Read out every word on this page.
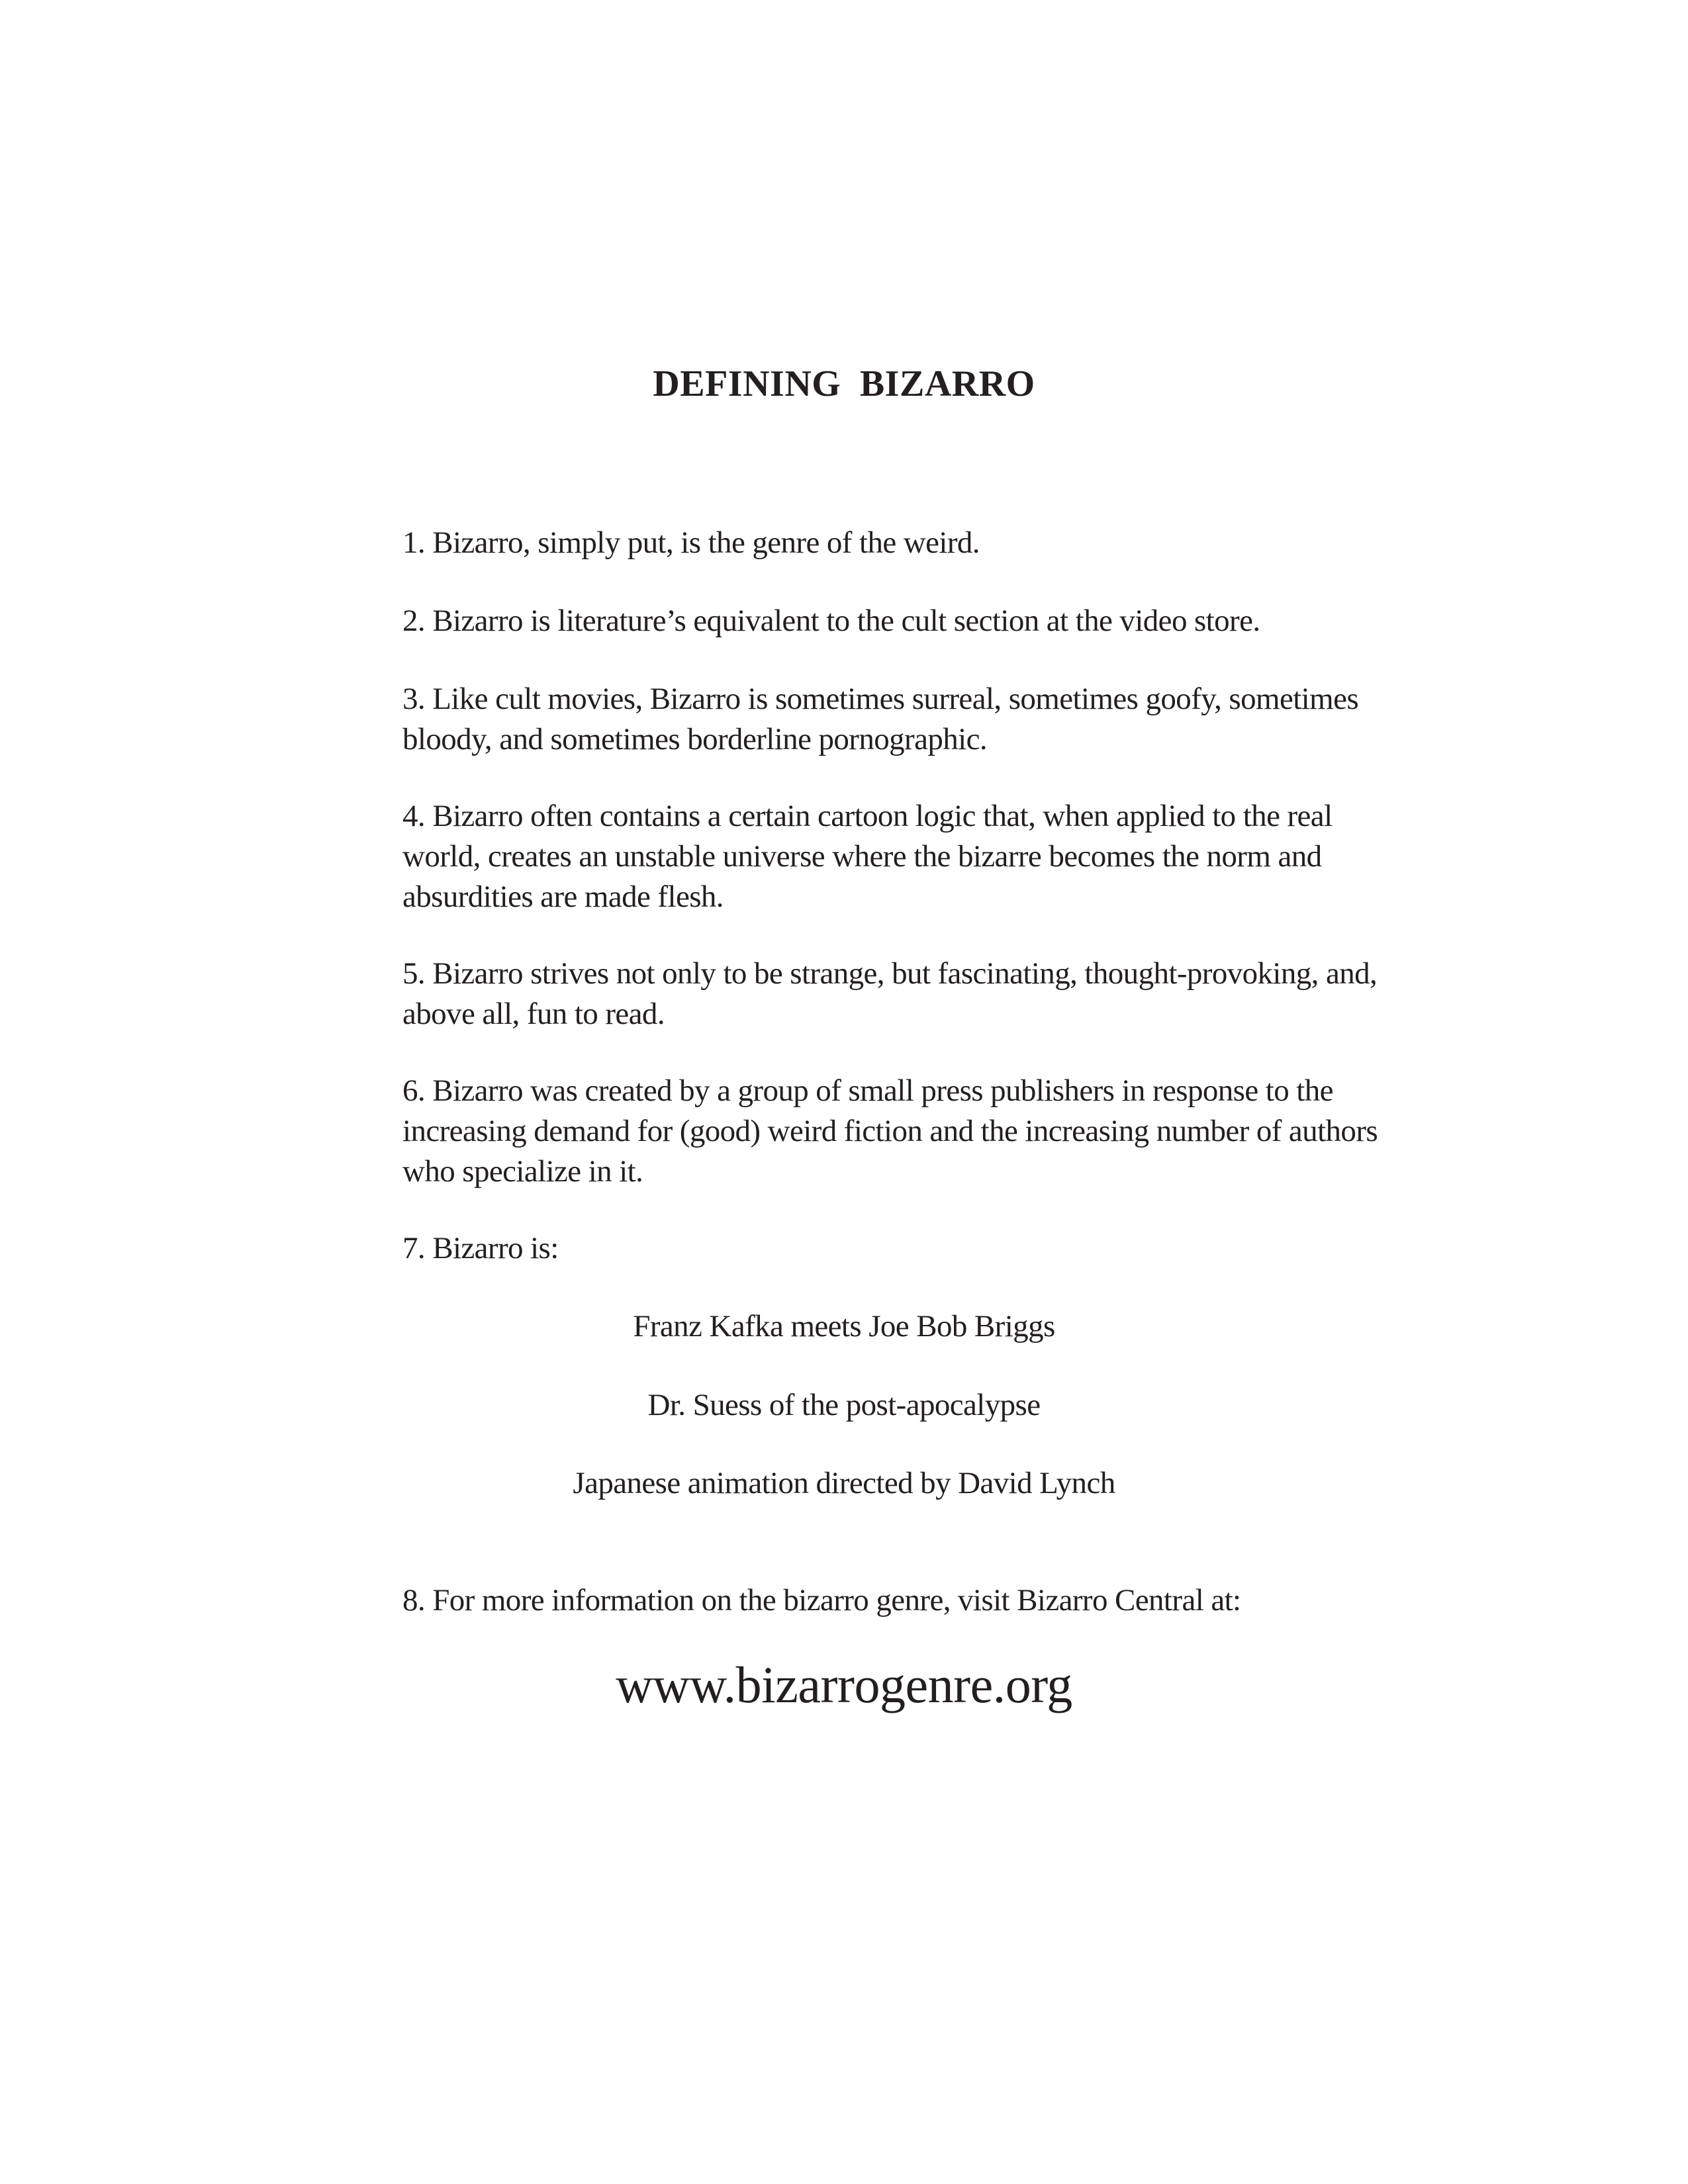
DEFINING BIZARRO

1. Bizarro, simply put, is the genre of the weird.

2. Bizarro is literature’s equivalent to the cult section at the video store.

3. Like cult movies, Bizarro is sometimes surreal, sometimes goofy, sometimes bloody, and sometimes borderline pornographic.

4. Bizarro often contains a certain cartoon logic that, when applied to the real world, creates an unstable universe where the bizarre becomes the norm and absurdities are made flesh.

5. Bizarro strives not only to be strange, but fascinating, thought-provoking, and, above all, fun to read.

6. Bizarro was created by a group of small press publishers in response to the increasing demand for (good) weird fiction and the increasing number of authors who specialize in it.

7. Bizarro is:

8. For more information on the bizarro genre, visit Bizarro Central at:

Franz Kafka meets Joe Bob Briggs

Dr. Suess of the post-apocalypse

Japanese animation directed by David Lynch

www.bizarrogenre.org
